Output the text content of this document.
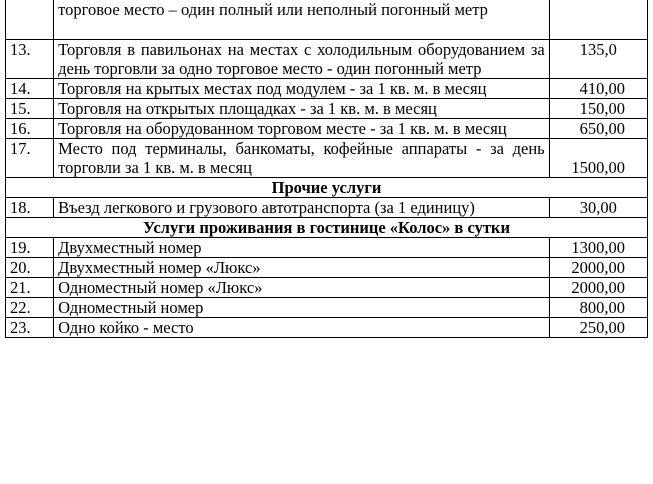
	торговое место – один полный или неполный погонный метр	
13.	Торговля в павильонах на местах с холодильным оборудованием за день торговли за одно торговое место - один погонный метр	135,0
14.	Торговля на крытых местах под модулем - за 1 кв. м. в месяц	410,00
15.	Торговля на открытых площадках - за 1 кв. м. в месяц	150,00
16.	Торговля на оборудованном торговом месте - за 1 кв. м. в месяц	650,00
17.	Место под терминалы, банкоматы, кофейные аппараты - за день торговли за 1 кв. м. в месяц	1500,00
Прочие услуги		
18.	Въезд легкового и грузового автотранспорта (за 1 единицу)	30,00
Услуги проживания в гостинице «Колос» в сутки		
19.	Двухместный номер	1300,00
20.	Двухместный номер «Люкс»	2000,00
21.	Одноместный номер «Люкс»	2000,00
22.	Одноместный номер	800,00
23.	Одно койко - место	250,00
